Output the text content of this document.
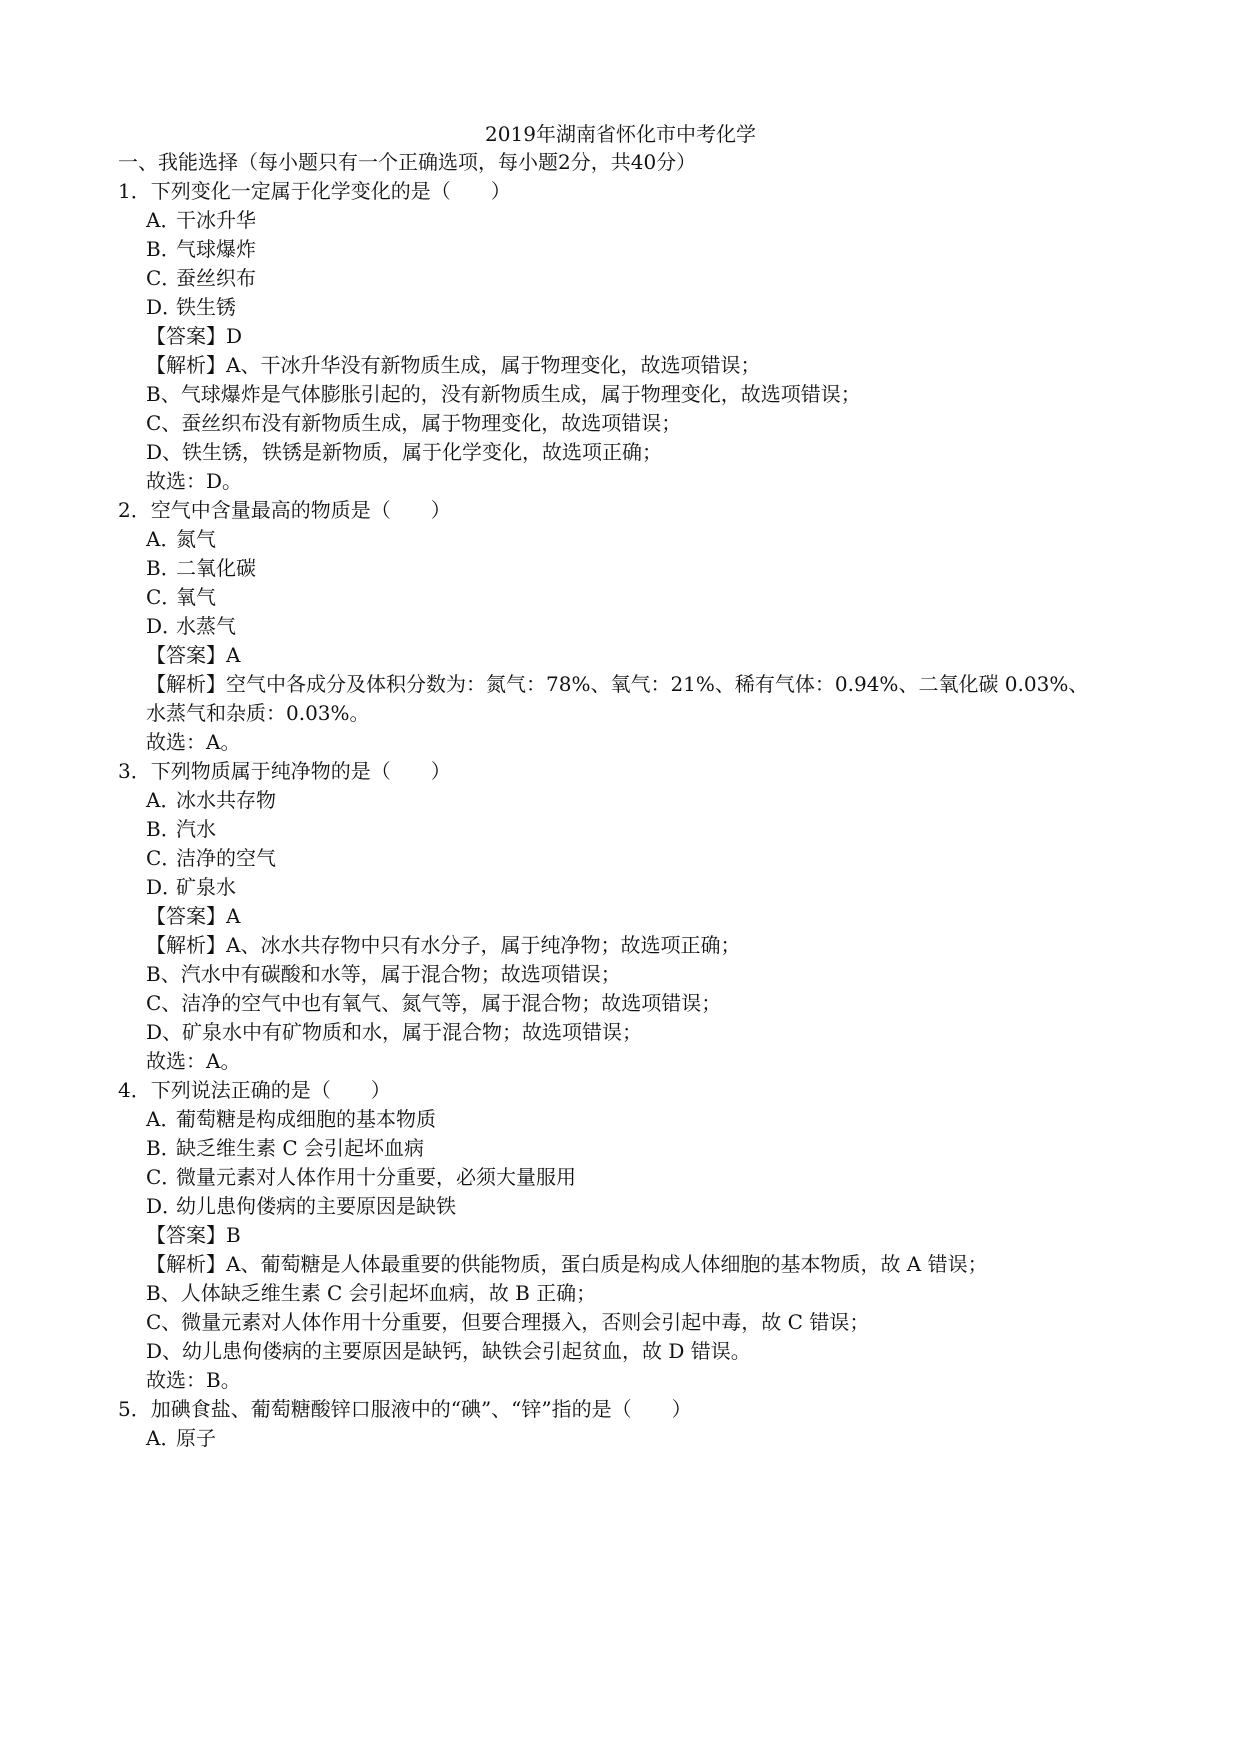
2019年湖南省怀化市中考化学
一、我能选择（每小题只有一个正确选项，每小题2分，共40分）
1．下列变化一定属于化学变化的是（　　）
A．干冰升华
B．气球爆炸
C．蚕丝织布
D．铁生锈
【答案】D
【解析】A、干冰升华没有新物质生成，属于物理变化，故选项错误；
B、气球爆炸是气体膨胀引起的，没有新物质生成，属于物理变化，故选项错误；
C、蚕丝织布没有新物质生成，属于物理变化，故选项错误；
D、铁生锈，铁锈是新物质，属于化学变化，故选项正确；
故选：D。
2．空气中含量最高的物质是（　　）
A．氮气
B．二氧化碳
C．氧气
D．水蒸气
【答案】A
【解析】空气中各成分及体积分数为：氮气：78%、氧气：21%、稀有气体：0.94%、二氧化碳 0.03%、
水蒸气和杂质：0.03%。
故选：A。
3．下列物质属于纯净物的是（　　）
A．冰水共存物
B．汽水
C．洁净的空气
D．矿泉水
【答案】A
【解析】A、冰水共存物中只有水分子，属于纯净物；故选项正确；
B、汽水中有碳酸和水等，属于混合物；故选项错误；
C、洁净的空气中也有氧气、氮气等，属于混合物；故选项错误；
D、矿泉水中有矿物质和水，属于混合物；故选项错误；
故选：A。
4．下列说法正确的是（　　）
A．葡萄糖是构成细胞的基本物质
B．缺乏维生素 C 会引起坏血病
C．微量元素对人体作用十分重要，必须大量服用
D．幼儿患佝偻病的主要原因是缺铁
【答案】B
【解析】A、葡萄糖是人体最重要的供能物质，蛋白质是构成人体细胞的基本物质，故 A 错误；
B、人体缺乏维生素 C 会引起坏血病，故 B 正确；
C、微量元素对人体作用十分重要，但要合理摄入，否则会引起中毒，故 C 错误；
D、幼儿患佝偻病的主要原因是缺钙，缺铁会引起贫血，故 D 错误。
故选：B。
5．加碘食盐、葡萄糖酸锌口服液中的“碘”、“锌”指的是（　　）
A．原子
